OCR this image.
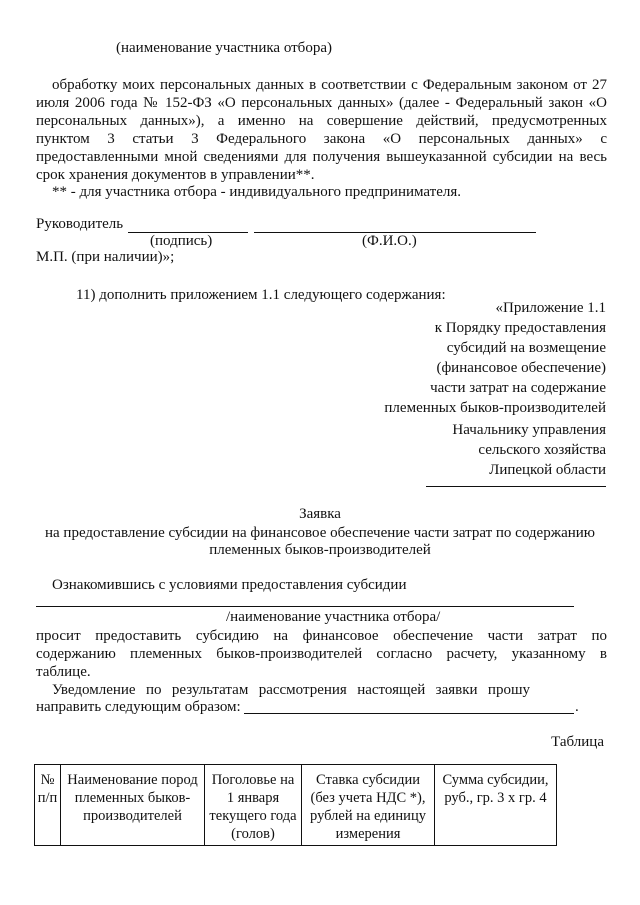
(наименование участника отбора)
обработку моих персональных данных в соответствии с Федеральным законом от 27
июля 2006 года № 152-ФЗ «О персональных данных» (далее - Федеральный закон «О
персональных данных»), а именно на совершение действий, предусмотренных
пунктом 3 статьи 3 Федерального закона «О персональных данных» с
предоставленными мной сведениями для получения вышеуказанной субсидии на весь
срок хранения документов в управлении**.
** - для участника отбора - индивидуального предпринимателя.
Руководитель
(подпись)	(Ф.И.О.)
М.П. (при наличии)»;
11) дополнить приложением 1.1 следующего содержания:
«Приложение 1.1
к Порядку предоставления
субсидий на возмещение
(финансовое обеспечение)
части затрат на содержание
племенных быков-производителей
Начальнику управления
сельского хозяйства
Липецкой области
Заявка
на предоставление субсидии на финансовое обеспечение части затрат по содержанию
племенных быков-производителей
Ознакомившись с условиями предоставления субсидии
/наименование участника отбора/
просит предоставить субсидию на финансовое обеспечение части затрат по
содержанию племенных быков-производителей согласно расчету, указанному в
таблице.
Уведомление по результатам рассмотрения настоящей заявки прошу
направить следующим образом:	.
Таблица
№ п/п	Наименование пород племенных быков-производителей	Поголовье на 1 января текущего года (голов)	Ставка субсидии (без учета НДС *), рублей на единицу измерения	Сумма субсидии, руб., гр. 3 х гр. 4
